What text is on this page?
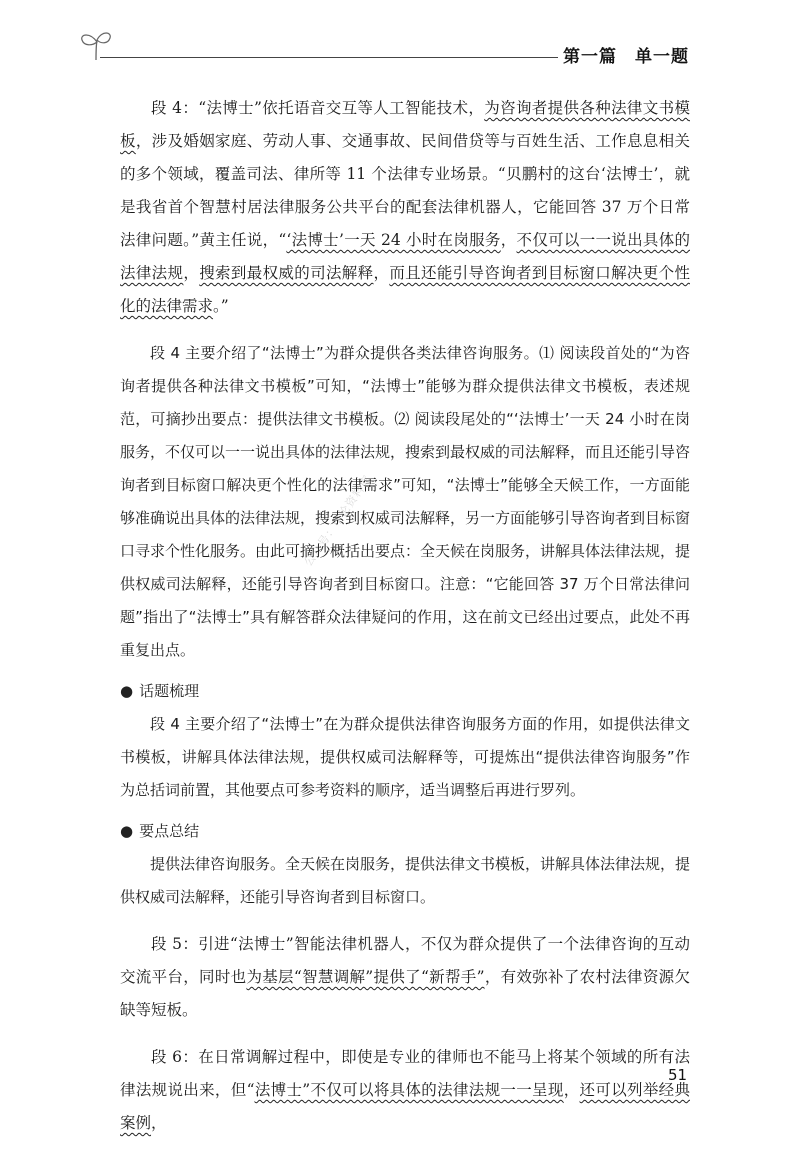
第一篇 单一题
公众号：申论资料库

段 4：“法博士”依托语音交互等人工智能技术，为咨询者提供各种法律文书模板，涉及婚姻家庭、劳动人事、交通事故、民间借贷等与百姓生活、工作息息相关的多个领域，覆盖司法、律所等 11 个法律专业场景。“贝鹏村的这台‘法博士’，就是我省首个智慧村居法律服务公共平台的配套法律机器人，它能回答 37 万个日常法律问题。”黄主任说，“‘法博士’一天 24 小时在岗服务，不仅可以一一说出具体的法律法规，搜索到最权威的司法解释，而且还能引导咨询者到目标窗口解决更个性化的法律需求。”

段 4 主要介绍了“法博士”为群众提供各类法律咨询服务。⑴ 阅读段首处的“为咨询者提供各种法律文书模板”可知，“法博士”能够为群众提供法律文书模板，表述规范，可摘抄出要点：提供法律文书模板。⑵ 阅读段尾处的“‘法博士’一天 24 小时在岗服务，不仅可以一一说出具体的法律法规，搜索到最权威的司法解释，而且还能引导咨询者到目标窗口解决更个性化的法律需求”可知，“法博士”能够全天候工作，一方面能够准确说出具体的法律法规，搜索到权威司法解释，另一方面能够引导咨询者到目标窗口寻求个性化服务。由此可摘抄概括出要点：全天候在岗服务，讲解具体法律法规，提供权威司法解释，还能引导咨询者到目标窗口。注意：“它能回答 37 万个日常法律问题”指出了“法博士”具有解答群众法律疑问的作用，这在前文已经出过要点，此处不再重复出点。

● 话题梳理

段 4 主要介绍了“法博士”在为群众提供法律咨询服务方面的作用，如提供法律文书模板，讲解具体法律法规，提供权威司法解释等，可提炼出“提供法律咨询服务”作为总括词前置，其他要点可参考资料的顺序，适当调整后再进行罗列。

● 要点总结

提供法律咨询服务。全天候在岗服务，提供法律文书模板，讲解具体法律法规，提供权威司法解释，还能引导咨询者到目标窗口。

段 5：引进“法博士”智能法律机器人，不仅为群众提供了一个法律咨询的互动交流平台，同时也为基层“智慧调解”提供了“新帮手”，有效弥补了农村法律资源欠缺等短板。

段 6：在日常调解过程中，即使是专业的律师也不能马上将某个领域的所有法律法规说出来，但“法博士”不仅可以将具体的法律法规一一呈现，还可以列举经典案例，

51
